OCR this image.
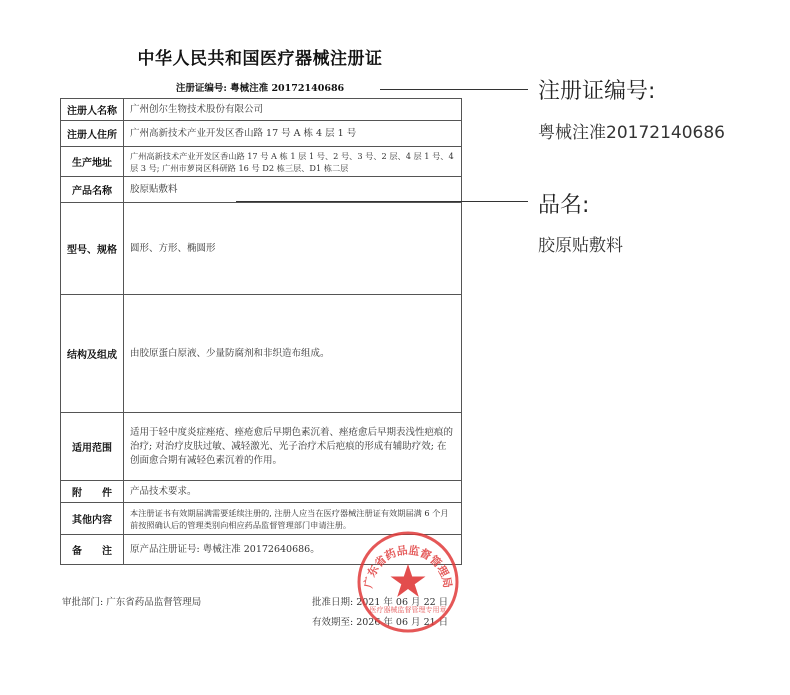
中华人民共和国医疗器械注册证
注册证编号: 粤械注准 20172140686
注册人名称	广州创尔生物技术股份有限公司
注册人住所	广州高新技术产业开发区香山路 17 号 A 栋 4 层 1 号
生产地址	广州高新技术产业开发区香山路 17 号 A 栋 1 层 1 号、2 号、3 号、2 层、4 层 1 号、4 层 3 号; 广州市萝岗区科研路 16 号 D2 栋三层、D1 栋二层
产品名称	胶原贴敷料
型号、规格	圆形、方形、椭圆形
结构及组成	由胶原蛋白原液、少量防腐剂和非织造布组成。
适用范围	适用于轻中度炎症痤疮、痤疮愈后早期色素沉着、痤疮愈后早期表浅性疤痕的治疗; 对治疗皮肤过敏、减轻激光、光子治疗术后疤痕的形成有辅助疗效; 在创面愈合期有减轻色素沉着的作用。
附　　件	产品技术要求。
其他内容	本注册证书有效期届满需要延续注册的, 注册人应当在医疗器械注册证有效期届满 6 个月前按照确认后的管理类别向相应药品监督管理部门申请注册。
备　　注	原产品注册证号: 粤械注准 20172640686。
审批部门: 广东省药品监督管理局	批准日期: 2021 年 06 月 22 日
有效期至: 2026 年 06 月 21 日
广东省药品监督管理局
医疗器械监督管理专用章
注册证编号:
粤械注准20172140686
品名:
胶原贴敷料
